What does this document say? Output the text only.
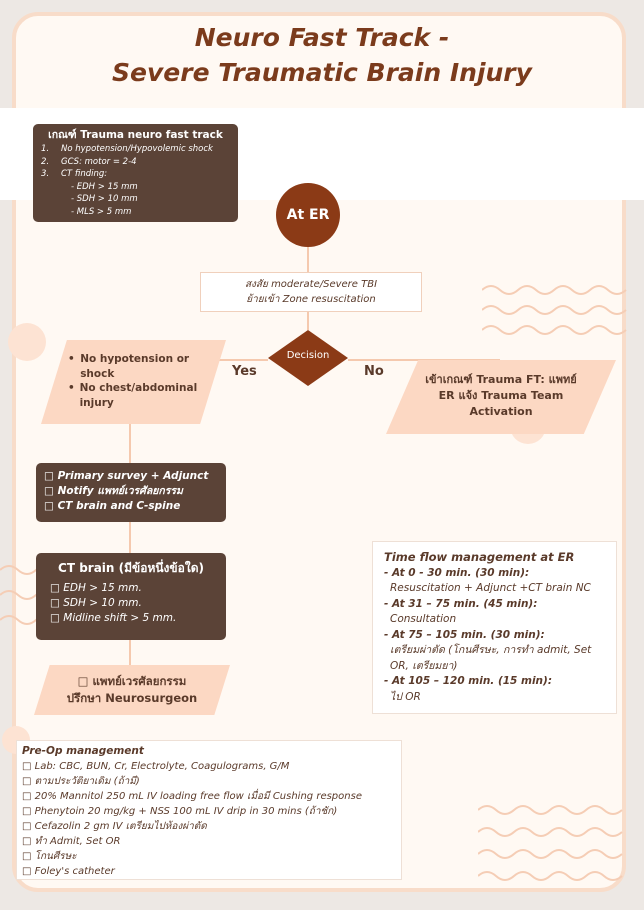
Neuro Fast Track -
Severe Traumatic Brain Injury
เกณฑ์ Trauma neuro fast track
1. No hypotension/Hypovolemic shock
2. GCS: motor = 2-4
3. CT finding:
- EDH > 15 mm
- SDH > 10 mm
- MLS > 5 mm	At ER
สงสัย moderate/Severe TBI
ย้ายเข้า Zone resuscitation
Decision
Yes	No
• No hypotension or shock
• No chest/abdominal injury
เข้าเกณฑ์ Trauma FT: แพทย์ ER แจ้ง Trauma Team Activation
□ Primary survey + Adjunct
□ Notify แพทย์เวรศัลยกรรม
□ CT brain and C-spine
CT brain (มีข้อหนึ่งข้อใด)
□ EDH > 15 mm.
□ SDH > 10 mm.
□ Midline shift > 5 mm.
□ แพทย์เวรศัลยกรรม
ปรึกษา Neurosurgeon
Time flow management at ER
- At 0 - 30 min. (30 min):
Resuscitation + Adjunct +CT brain NC
- At 31 – 75 min. (45 min):
Consultation
- At 75 – 105 min. (30 min):
เตรียมผ่าตัด (โกนศีรษะ, การทำ admit, Set OR, เตรียมยา)
- At 105 – 120 min. (15 min):
ไป OR
Pre-Op management
□ Lab: CBC, BUN, Cr, Electrolyte, Coagulograms, G/M
□ ตามประวัติยาเดิม (ถ้ามี)
□ 20% Mannitol 250 mL IV loading free flow เมื่อมี Cushing response
□ Phenytoin 20 mg/kg + NSS 100 mL IV drip in 30 mins (ถ้าชัก)
□ Cefazolin 2 gm IV เตรียมไปห้องผ่าตัด
□ ทำ Admit, Set OR
□ โกนศีรษะ
□ Foley's catheter
